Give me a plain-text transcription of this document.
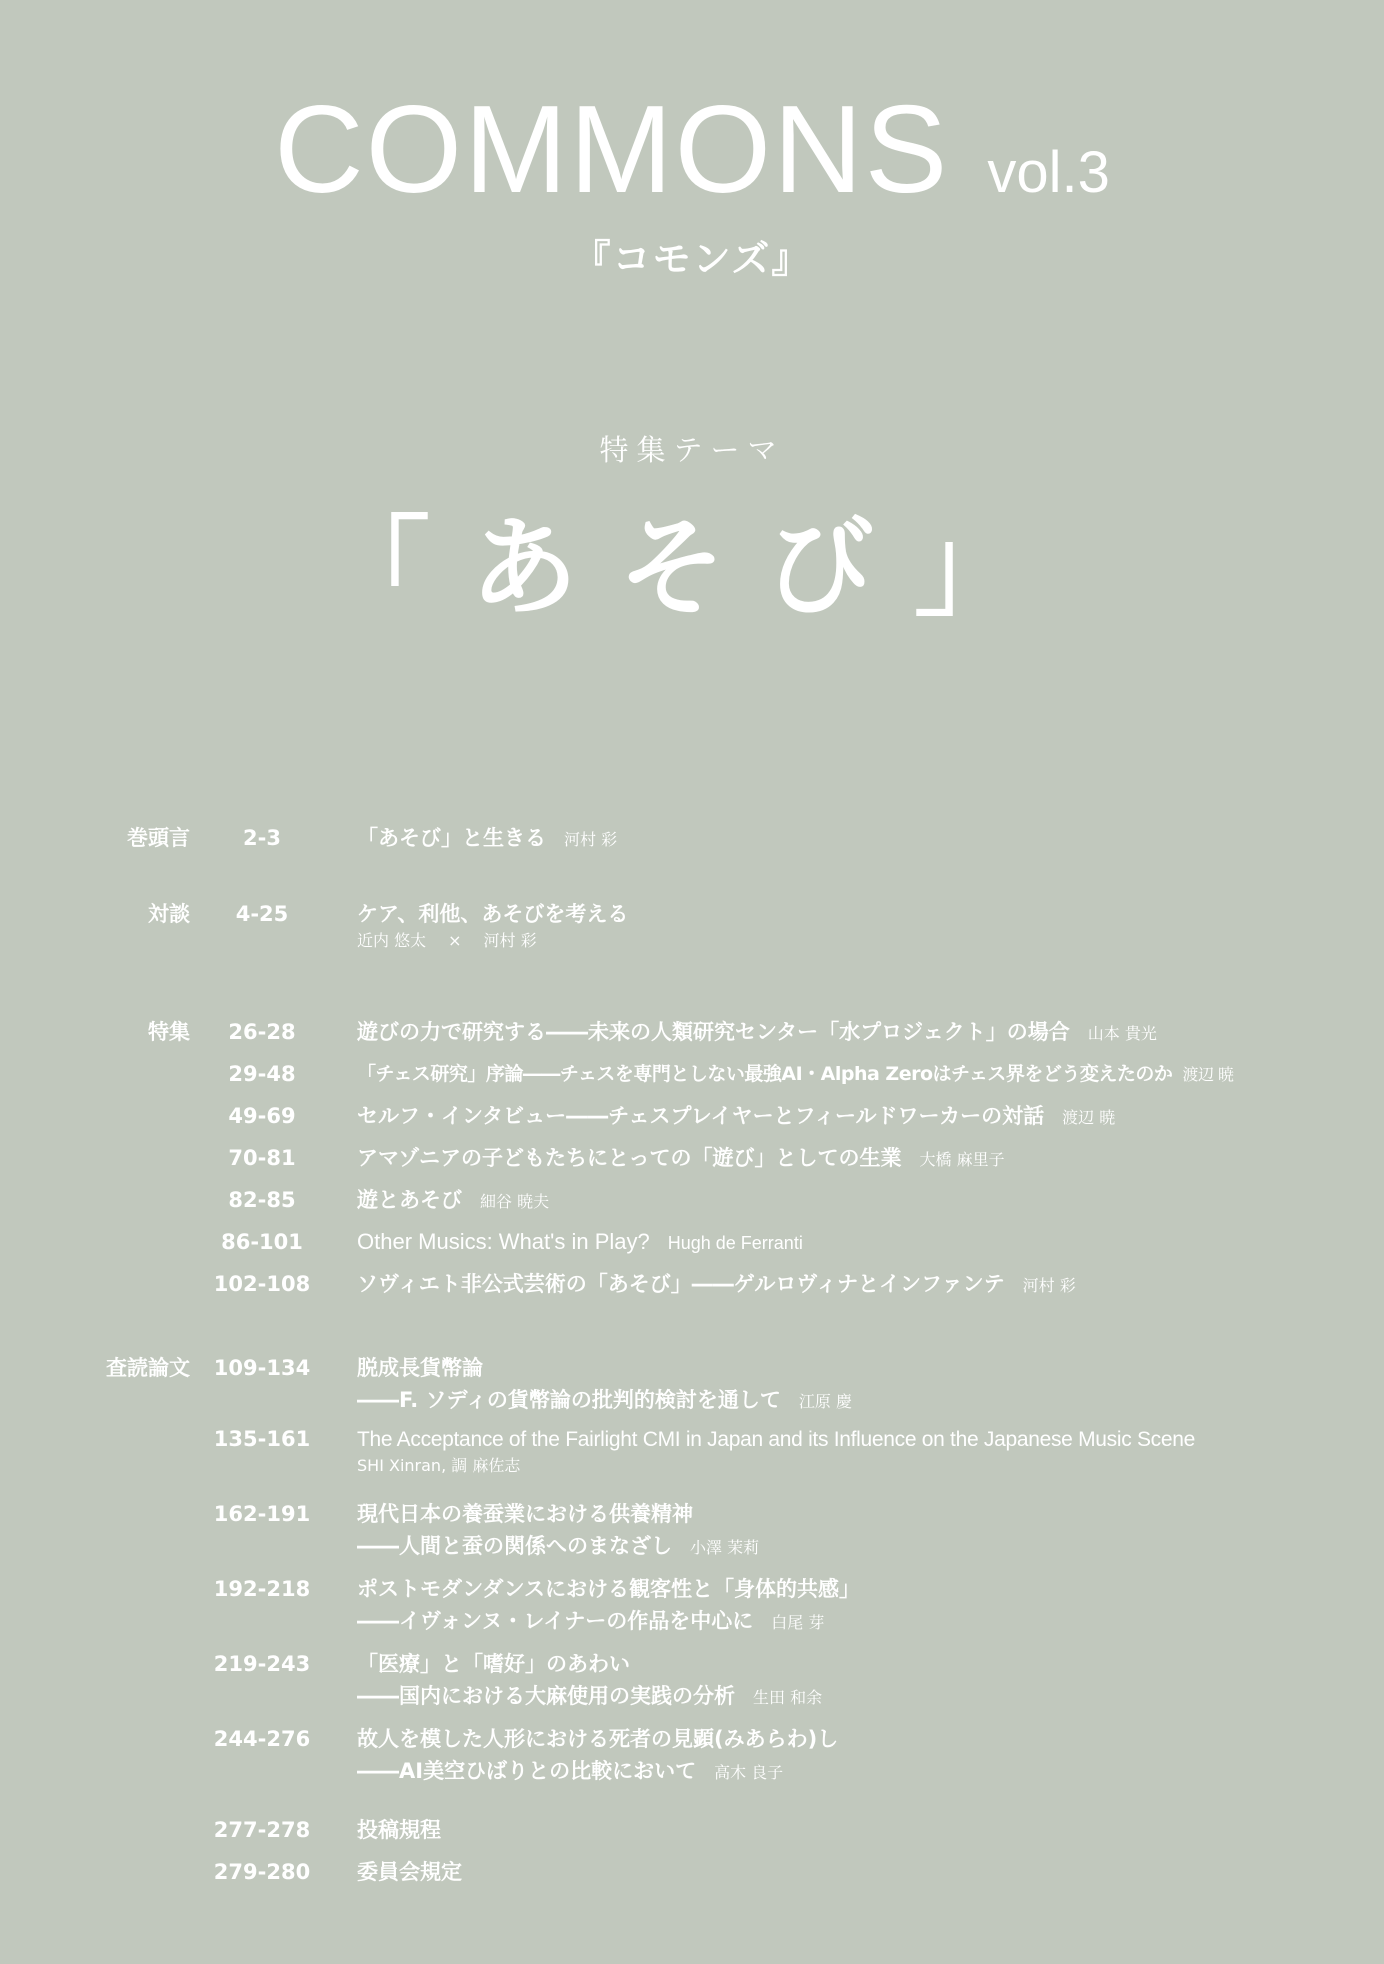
COMMONS vol.3
『コモンズ』
特集テーマ
「あそび」
巻頭言	2-3	「あそび」と生きる 河村 彩
対談	4-25	ケア、利他、あそびを考える
近内 悠太 × 河村 彩
特集	26-28	遊びの力で研究する――未来の人類研究センター「水プロジェクト」の場合 山本 貴光
29-48	「チェス研究」序論――チェスを専門としない最強AI・Alpha Zeroはチェス界をどう変えたのか 渡辺 暁
49-69	セルフ・インタビュー――チェスプレイヤーとフィールドワーカーの対話 渡辺 暁
70-81	アマゾニアの子どもたちにとっての「遊び」としての生業 大橋 麻里子
82-85	遊とあそび 細谷 暁夫
86-101	Other Musics: What's in Play? Hugh de Ferranti
102-108	ソヴィエト非公式芸術の「あそび」――ゲルロヴィナとインファンテ 河村 彩
査読論文	109-134	脱成長貨幣論
――F. ソディの貨幣論の批判的検討を通して 江原 慶
135-161	The Acceptance of the Fairlight CMI in Japan and its Influence on the Japanese Music Scene
SHI Xinran, 調 麻佐志
162-191	現代日本の養蚕業における供養精神
――人間と蚕の関係へのまなざし 小澤 茉莉
192-218	ポストモダンダンスにおける観客性と「身体的共感」
――イヴォンヌ・レイナーの作品を中心に 白尾 芽
219-243	「医療」と「嗜好」のあわい
――国内における大麻使用の実践の分析 生田 和余
244-276	故人を模した人形における死者の見顕(みあらわ)し
――AI美空ひばりとの比較において 高木 良子
277-278	投稿規程
279-280	委員会規定
